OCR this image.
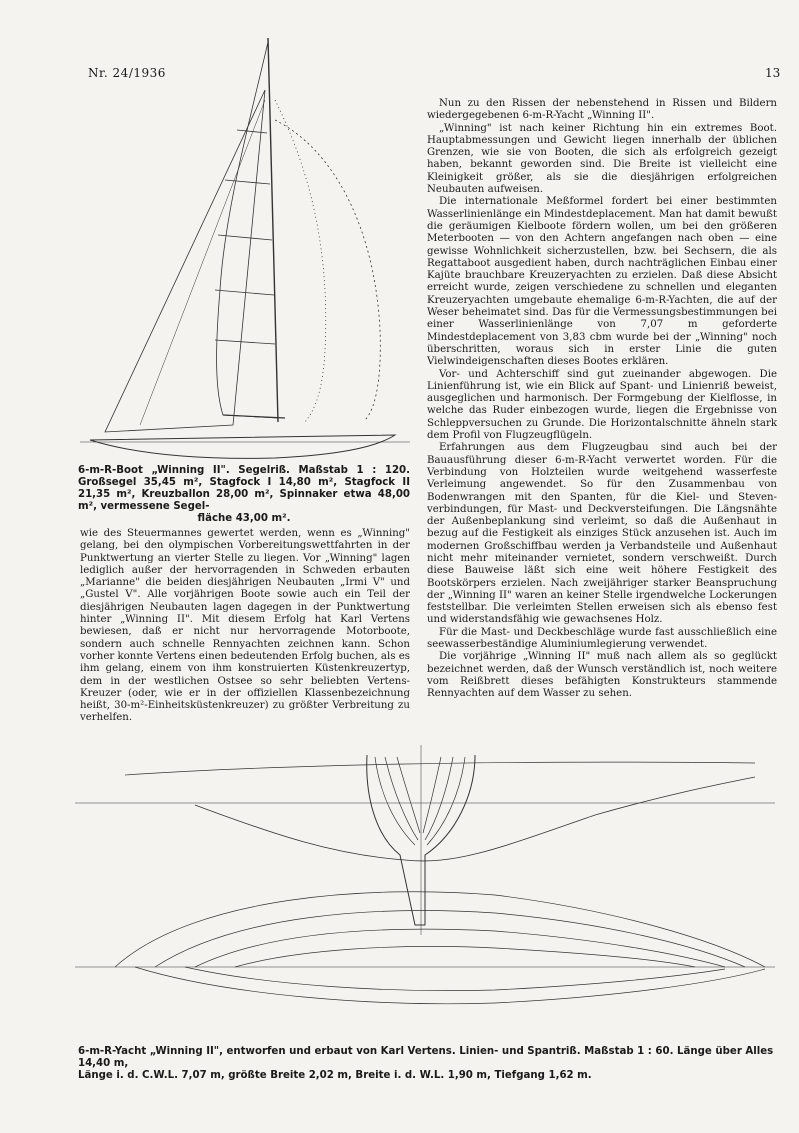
Nr. 24/1936	13
6-m-R-Boot „Winning II". Segelriß. Maßstab 1 : 120. Großsegel 35,45 m², Stagfock I 14,80 m², Stagfock II 21,35 m², Kreuzballon 28,00 m², Spinnaker etwa 48,00 m², vermessene Segel-
fläche 43,00 m².

Nun zu den Rissen der nebenstehend in Rissen und Bildern wiedergegebenen 6-m-R-Yacht „Winning II".

„Winning" ist nach keiner Richtung hin ein extremes Boot. Hauptabmessungen und Gewicht liegen innerhalb der üblichen Grenzen, wie sie von Booten, die sich als erfolgreich gezeigt haben, bekannt geworden sind. Die Breite ist vielleicht eine Kleinigkeit größer, als sie die diesjährigen erfolgreichen Neubauten aufweisen.

Die internationale Meßformel fordert bei einer bestimmten Wasserlinienlänge ein Mindestdeplacement. Man hat damit bewußt die geräumigen Kielboote fördern wollen, um bei den größeren Meterbooten — von den Achtern angefangen nach oben — eine gewisse Wohnlichkeit sicherzustellen, bzw. bei Sechsern, die als Regattaboot ausgedient haben, durch nachträglichen Einbau einer Kajüte brauchbare Kreuzeryachten zu erzielen. Daß diese Absicht erreicht wurde, zeigen verschiedene zu schnellen und eleganten Kreuzeryachten umgebaute ehemalige 6-m-R-Yachten, die auf der Weser beheimatet sind. Das für die Vermessungsbestimmungen bei einer Wasserlinienlänge von 7,07 m geforderte Mindestdeplacement von 3,83 cbm wurde bei der „Winning" noch überschritten, woraus sich in erster Linie die guten Vielwindeigenschaften dieses Bootes erklären.

Vor- und Achterschiff sind gut zueinander abgewogen. Die Linienführung ist, wie ein Blick auf Spant- und Linienriß beweist, ausgeglichen und harmonisch. Der Formgebung der Kielflosse, in welche das Ruder einbezogen wurde, liegen die Ergebnisse von Schleppversuchen zu Grunde. Die Horizontalschnitte ähneln stark dem Profil von Flugzeugflügeln.

Erfahrungen aus dem Flugzeugbau sind auch bei der Bauausführung dieser 6-m-R-Yacht verwertet worden. Für die Verbindung von Holzteilen wurde weitgehend wasserfeste Verleimung angewendet. So für den Zusammenbau von Bodenwrangen mit den Spanten, für die Kiel- und Stevenverbindungen, für Mast- und Deckversteifungen. Die Längsnähte der Außenbeplankung sind verleimt, so daß die Außenhaut in bezug auf die Festigkeit als einziges Stück anzusehen ist. Auch im modernen Großschiffbau werden ja Verbandsteile und Außenhaut nicht mehr miteinander vernietet, sondern verschweißt. Durch diese Bauweise läßt sich eine weit höhere Festigkeit des Bootskörpers erzielen. Nach zweijähriger starker Beanspruchung der „Winning II" waren an keiner Stelle irgendwelche Lockerungen feststellbar. Die verleimten Stellen erweisen sich als ebenso fest und widerstandsfähig wie gewachsenes Holz.

Für die Mast- und Deckbeschläge wurde fast ausschließlich eine seewasserbeständige Aluminiumlegierung verwendet.

Die vorjährige „Winning II" muß nach allem als so geglückt bezeichnet werden, daß der Wunsch verständlich ist, noch weitere vom Reißbrett dieses befähigten Konstrukteurs stammende Rennyachten auf dem Wasser zu sehen.

wie des Steuermannes gewertet werden, wenn es „Winning" gelang, bei den olympischen Vorbereitungswettfahrten in der Punktwertung an vierter Stelle zu liegen. Vor „Winning" lagen lediglich außer der hervorragenden in Schweden erbauten „Marianne" die beiden diesjährigen Neubauten „Irmi V" und „Gustel V". Alle vorjährigen Boote sowie auch ein Teil der diesjährigen Neubauten lagen dagegen in der Punktwertung hinter „Winning II". Mit diesem Erfolg hat Karl Vertens bewiesen, daß er nicht nur hervorragende Motorboote, sondern auch schnelle Rennyachten zeichnen kann. Schon vorher konnte Vertens einen bedeutenden Erfolg buchen, als es ihm gelang, einem von ihm konstruierten Küstenkreuzertyp, dem in der westlichen Ostsee so sehr beliebten Vertens-Kreuzer (oder, wie er in der offiziellen Klassenbezeichnung heißt, 30-m²-Einheitsküstenkreuzer) zu größter Verbreitung zu verhelfen.

6-m-R-Yacht „Winning II", entworfen und erbaut von Karl Vertens. Linien- und Spantriß. Maßstab 1 : 60. Länge über Alles 14,40 m,
Länge i. d. C.W.L. 7,07 m, größte Breite 2,02 m, Breite i. d. W.L. 1,90 m, Tiefgang 1,62 m.
